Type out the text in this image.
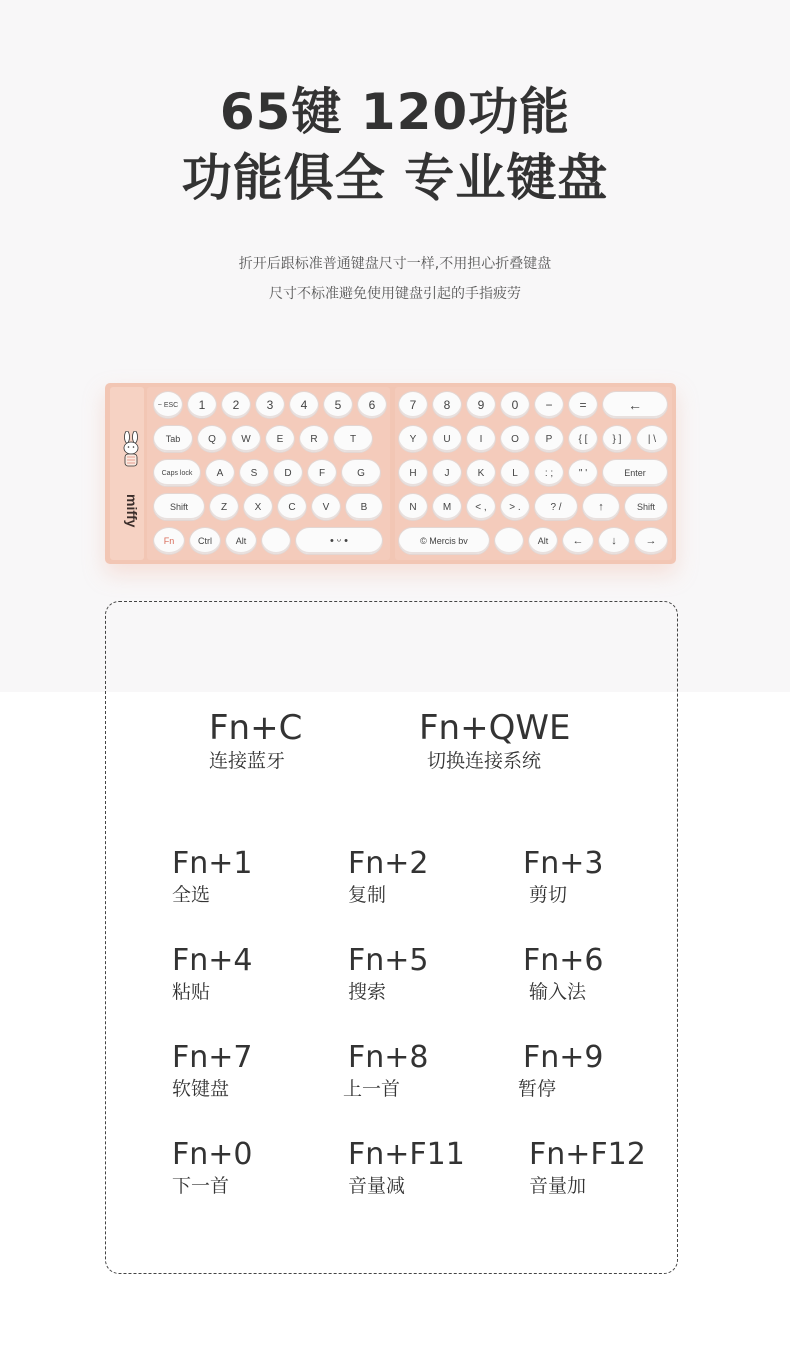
65键 120功能
功能俱全 专业键盘
折开后跟标准普通键盘尺寸一样,不用担心折叠键盘
尺寸不标准避免使用键盘引起的手指疲劳
miffy
~ ESC	1	2	3	4	5	6
Tab	Q	W	E	R	T
Caps lock	A	S	D	F	G
Shift	Z	X	C	V	B
Fn	Ctrl	Alt	• ᵕ •
7	8	9	0	−	=	←
Y	U	I	O	P	{ [	} ]	| \
H	J	K	L	: ;	" '	Enter
N	M	< ,	> .	? /	↑	Shift
© Mercis bv	Alt	←	↓	→
Fn+C
连接蓝牙
Fn+QWE
切换连接系统
Fn+1
全选
Fn+2
复制
Fn+3
剪切
Fn+4
粘贴
Fn+5
搜索
Fn+6
输入法
Fn+7
软键盘
Fn+8
上一首
Fn+9
暂停
Fn+0
下一首
Fn+F11
音量减
Fn+F12
音量加
